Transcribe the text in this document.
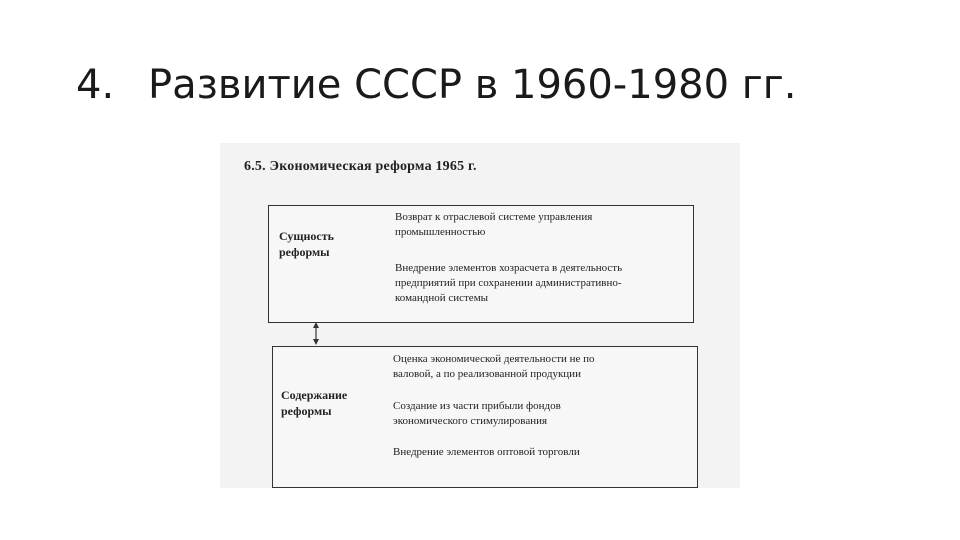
4. Развитие СССР в 1960-1980 гг.
6.5. Экономическая реформа 1965 г.
Сущность
реформы
Возврат к отраслевой системе управления
промышленностью
Внедрение элементов хозрасчета в деятельность
предприятий при сохранении административно-
командной системы
Содержание
реформы
Оценка экономической деятельности не по
валовой, а по реализованной продукции
Создание из части прибыли фондов
экономического стимулирования
Внедрение элементов оптовой торговли
